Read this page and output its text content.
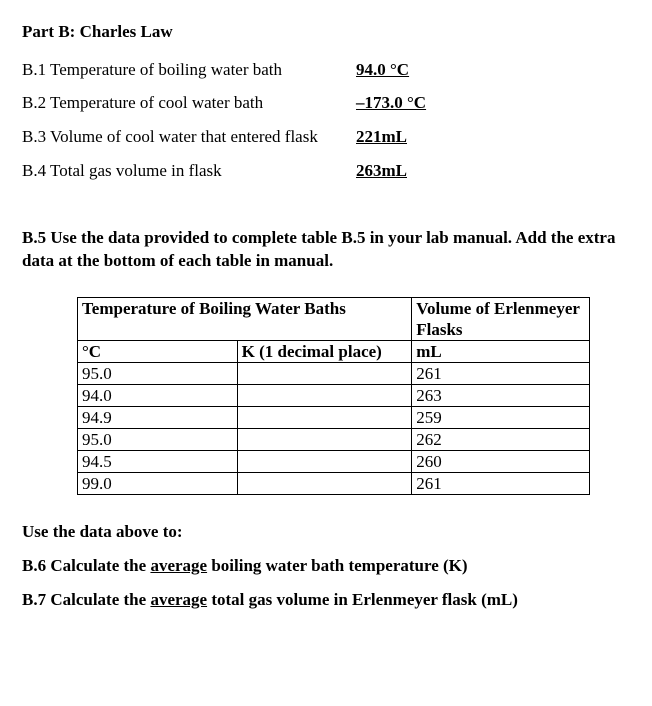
Part B: Charles Law
B.1 Temperature of boiling water bath	94.0 °C
B.2 Temperature of cool water bath	–173.0 °C
B.3 Volume of cool water that entered flask 221mL
B.4 Total gas volume in flask	263mL
B.5 Use the data provided to complete table B.5 in your lab manual. Add the extra data at the bottom of each table in manual.
Temperature of Boiling Water Baths		Volume of Erlenmeyer Flasks
°C	K (1 decimal place)	mL
95.0		261
94.0		263
94.9		259
95.0		262
94.5		260
99.0		261
Use the data above to:
B.6 Calculate the average boiling water bath temperature (K)
B.7 Calculate the average total gas volume in Erlenmeyer flask (mL)
